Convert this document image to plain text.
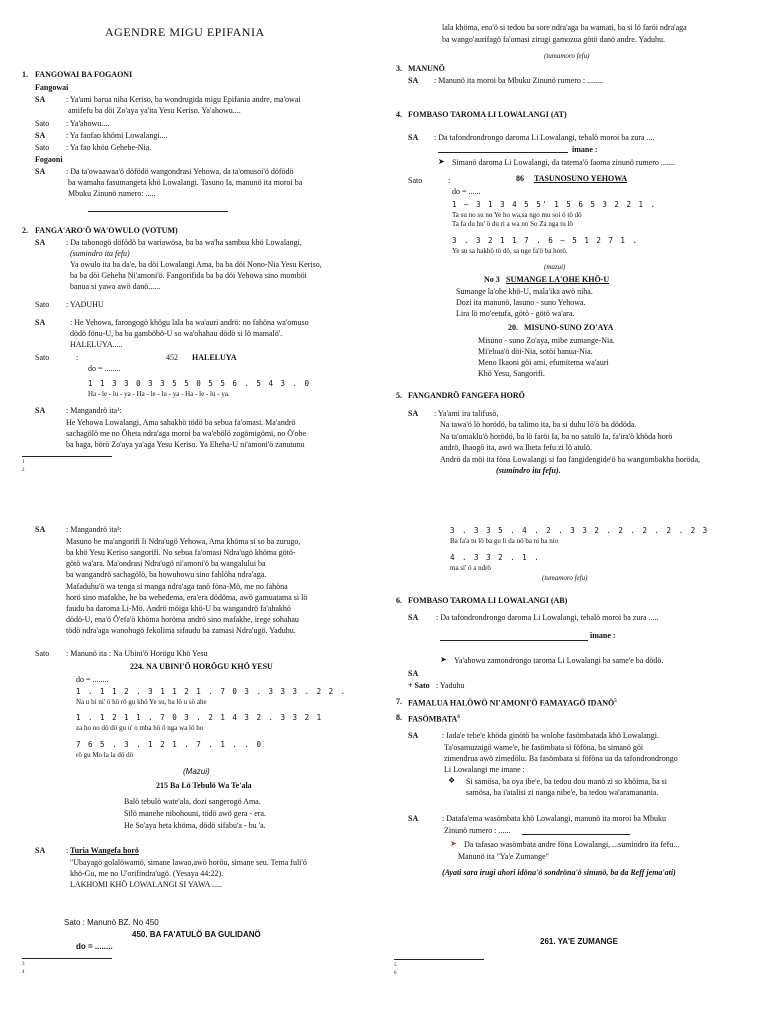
AGENDRE MIGU EPIFANIA
1. FANGOWAI BA FOGAONI
Fangowai
SA	: Ya'ami barua niha Keriso, ba wondrugida migu Epifania andre, ma'owai
amifefu ba döi Zo'aya ya'ita Yesu Keriso. Ya'ahowu....
Sato : Ya'ahowu....
SA	: Ya faofao khömi Lowalangi....
Sato : Ya fao khöu Gehehe-Nia.
Fogaoni
SA	: Da ta'owaawaa'ö döfödö wangondrasi Yehowa, da ta'omusoi'ö döfödö
ba wamaha fasumangeta khö Lowalangi. Tasuno Ia, manunö ita moroi ba
Mbuku Zinunö rumero: .....
2. FANGA'ARO'Ö WA'OWULO (VOTUM)
SA	: Da tahonogö döfödö ba wariawösa, ba ba wa'ha sambua khö Lowalangi,
(sumindro ita fefu)
Ya owulo ita ba da'e, ba döi Lowalangi Ama, ba ba döi Nono-Nia Yesu Keriso,
ba ba döi Geheha Ni'amoni'ö. Fangorifida ba ba döi Yehowa sino momböi
banua si yawa awö danö......
Sato : YADUHU
SA	: He Yehowa, farongogö khögu lala ba wa'auri andrö: no fahöna wa'omuso
dödö fönu-U, ba ba gamböbö-U so wa'ohahau dödö si lö mamalö'.
HALELUYA.....
Sato	:	452 HALELUYA
do = ........
1 1 3 3 0 3 3 5 5 0 5 5 6 . 5 4 3 . 0
Ha - le - lu - ya - Ha - le - lu - ya - Ha - le - lu - ya.
SA	: Mangandrö ita¹:
He Yehowa Lowalangi, Ama sahakhö tödö ba sebua fa'omasi. Ma'andrö
sachagölö me no Öheta ndra'aga moroi ba wa'ebölö zogömigömi, no Ö'ohe
ba haga, börö Zo'aya ya'aga Yesu Keriso. Ya Eheha-U ni'amoni'ö zanutunu
1
2
lala khöma, ena'ö si tedou ba sore ndra'aga ba wamati, ba si lö faröi ndra'aga
ba wango'aurifagö fa'omasi zirugi gamozua götö danö andre. Yaduhu.
(tumamoro fefu)
3. MANUNÖ
SA : Manunö ita moroi ba Mbuku Zinunö rumero : ........
4. FOMBASO TAROMA LI LOWALANGI (AT)
SA : Da tafondrondrongo daroma Li Lowalangi, tebalö moroi ba zura ....
imane :
➤ Simanö daroma Li Lowalangi, da tatema'ö faoma zinunö rumero .......
Sato	:	86 TASUNOSUNO YEHOWA
do = ......
1 – 3 1 3 4 5 5' 1 5 6 5 3 2 2 1 .
Ta su no su no Ye ho wa,sa ngo mu soi ö tö dö
Ta fa du hu' ö du ri a wa no So Za nga tu lö
3 . 3 2 1 1 7 . 6 – 5 1 2 7 1 .
Ye su sa hakhö tö dö, sa nge fa'ö ba horö.
(mazui)
No 3 SUMANGE LA'OHE KHÖ-U
Sumange la'ohe khö-U, mala'ika awö niha.
Dozi ita manunö, lasuno - suno Yehowa.
Lira lö mo'eetufa, götö - götö wa'ara.
20. MISUNO-SUNO ZO'AYA
Misuno - suno Zo'aya, mibe zumange-Nia.
Mi'ebua'ö döi-Nia, sotöi banua-Nia.
Meno Ikaoni göi ami, efumitema wa'auri
Khö Yesu, Sangorifi.
5. FANGANDRÖ FANGEFA HORÖ
SA : Ya'ami ira talifusö,
Na tawa'ö lö horödö, ba talimo ita, ba si duhu lö'ö ba dödöda.
Na ta'omaklu'ö horödö, ba lö faröi Ia, ba no satulö Ia, fa'ira'ö khöda horö
andrö, Ihaogö ita, awö wa Iheta fefu zi lö atulö.
Andrö da möi ita föna Lowalangi si fao fangidengide'ö ba wangombakha horöda,
(sumindro ita fefu).
SA	: Mangandrö ita³:
Masuno be ma'angorifi li Ndra'ugö Yehowa, Ama khöma si so ba zurugo,
ba khö Yesu Keriso sangorifi. No sebua fa'omasi Ndra'ugö khöma götö-
götö wa'ara. Ma'ondrasi Ndra'ugö ni'amoni'ö ba wangalului ba
ba wangandrö sachagölö, ba howuhowu sino fahlöha ndra'aga.
Mafaduhu'ö wa tenga si manga ndra'aga tanö föna-Mö, me no fahöna
horö sino mafakhe, he ba wehedema, era'era dödöma, awö gamuatama si lö
faudu ba daroma Li-Mö. Andrö möiga khö-U ba wangandrö fa'ahakhö
dödö-U, ena'ö Ö'efa'ö khöma horöma andrö sino mafakhe, irege sohahau
tödö ndra'aga wanohugö fekolima sifaudu ba zamasi Ndra'ugö. Yaduhu.
Sato : Manunö ita : Na Ubini'ö Horögu Khö Yesu
224. NA UBINI'Ö HORÖGU KHÖ YESU
do = ........
1 . 1 1 2 . 3 1 1 2 1 . 7 0 3 . 3 3 3 . 2 2 .
Na u bi ni' ö hö rö gu khö Ye su, ba lö u sö ahe
1 . 1 2 1 1 . 7 0 3 . 2 1 4 3 2 . 3 3 2 1
za ho no dö dö gu u' o mba hö ö nga wa lö ho
7 6 5 . 3 . 1 2 1 . 7 . 1 . . 0
rö gu Mo la la dö dö
(Mazui)
215 Ba Lö Tebulö Wa Te'ala
Balö tebulö wate'ala, dozi sangerogö Ama.
Silö manehe nibohouni, tödö awö gera - era.
He So'aya heta khöma, dödö sifabu'a - bu 'a.
SA	: Turia Wangefa horö
"Ubayagö golalöwamö, simane lawao,awö horöu, simane seu. Tema fuli'ö
khö-Gu, me no U'orifindra'ugö. (Yesaya 44:22).
LAKHOMI KHÖ LOWALANGI SI YAWA .....
Sato : Manunö BZ. No 450
450. BA FA'ATULÖ BA GULIDANÖ
do = ........
3
4
3 . 3 3 5 . 4 . 2 . 3 3 2 . 2 . 2 . 2 . 2 3
Ba fa'a tu lö ba gu li da nö ba ni ha nio
4 . 3 3 2 . 1 .
ma si' ö a ndrö
(tumamoro fefu)
6. FOMBASO TAROMA LI LOWALANGI (AB)
SA : Da tafondrondrongo daroma Li Lowalangi, tebalö moroi ba zura .....
imane :
➤ Ya'ahowu zamondrongo taroma Li Lowalangi ba same'e ba dödö.
SA
+ Sato : Yaduhu
7. FAMALUA HALÖWÖ NI'AMONI'Ö FAMAYAGÖ IDANÖ$^5$
8. FASÖMBATA$^6$
SA	: Iada'e tebe'e khöda ginötö ba wolohe fasömbatada khö Lowalangi.
Ta'osamuzaigö wame'e, he fasömbata si föföna, ba simanö göi
zimendrua awö zimedölu. Ba fasömbata si föföna ua da tafondrondrongo
Li Lowalangi me imane :
❖ Si samösa, ba oya ibe'e, ba tedou dou manö zi so khöima, ba si
samösa, ba i'atalisi zi nanga nibe'e, ba tedou wa'aramanania.
SA	: Datafa'ema wasömbata khö Lowalangi, manunö ita moroi ba Mbuku
Zinunö rumero : ......
➤ Da tafasao wasömbata andre föna Lowalangi, ...sumindro ita fefu...
Manunö ita "Ya'e Zumange"
(Ayati sara irugi ahori idöna'ö sondröna'ö sinunö, ba da Reff jema'ati)
261. YA'E ZUMANGE
5
6
